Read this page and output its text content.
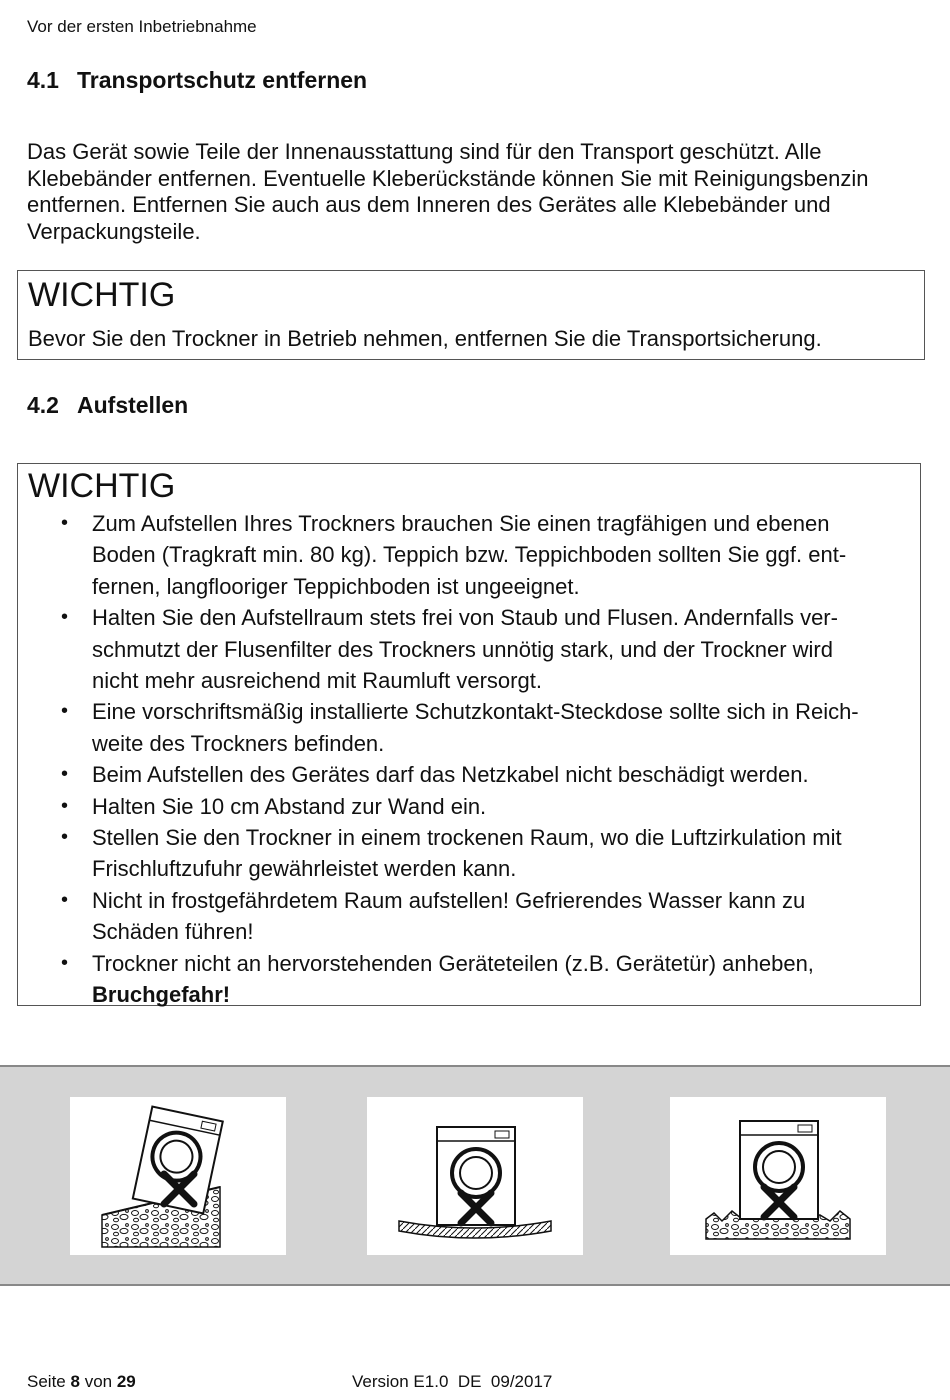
Vor der ersten Inbetriebnahme
4.1 Transportschutz entfernen
Das Gerät sowie Teile der Innenausstattung sind für den Transport geschützt. Alle
Klebebänder entfernen. Eventuelle Kleberückstände können Sie mit Reinigungsbenzin
entfernen. Entfernen Sie auch aus dem Inneren des Gerätes alle Klebebänder und
Verpackungsteile.
WICHTIG
Bevor Sie den Trockner in Betrieb nehmen, entfernen Sie die Transportsicherung.
4.2 Aufstellen
WICHTIG
• Zum Aufstellen Ihres Trockners brauchen Sie einen tragfähigen und ebenen
Boden (Tragkraft min. 80 kg). Teppich bzw. Teppichboden sollten Sie ggf. ent-
fernen, langflooriger Teppichboden ist ungeeignet.
• Halten Sie den Aufstellraum stets frei von Staub und Flusen. Andernfalls ver-
schmutzt der Flusenfilter des Trockners unnötig stark, und der Trockner wird
nicht mehr ausreichend mit Raumluft versorgt.
• Eine vorschriftsmäßig installierte Schutzkontakt-Steckdose sollte sich in Reich-
weite des Trockners befinden.
• Beim Aufstellen des Gerätes darf das Netzkabel nicht beschädigt werden.
• Halten Sie 10 cm Abstand zur Wand ein.
• Stellen Sie den Trockner in einem trockenen Raum, wo die Luftzirkulation mit
Frischluftzufuhr gewährleistet werden kann.
• Nicht in frostgefährdetem Raum aufstellen! Gefrierendes Wasser kann zu
Schäden führen!
• Trockner nicht an hervorstehenden Geräteteilen (z.B. Gerätetür) anheben,
Bruchgefahr!
Seite 8 von 29	Version E1.0  DE  09/2017
